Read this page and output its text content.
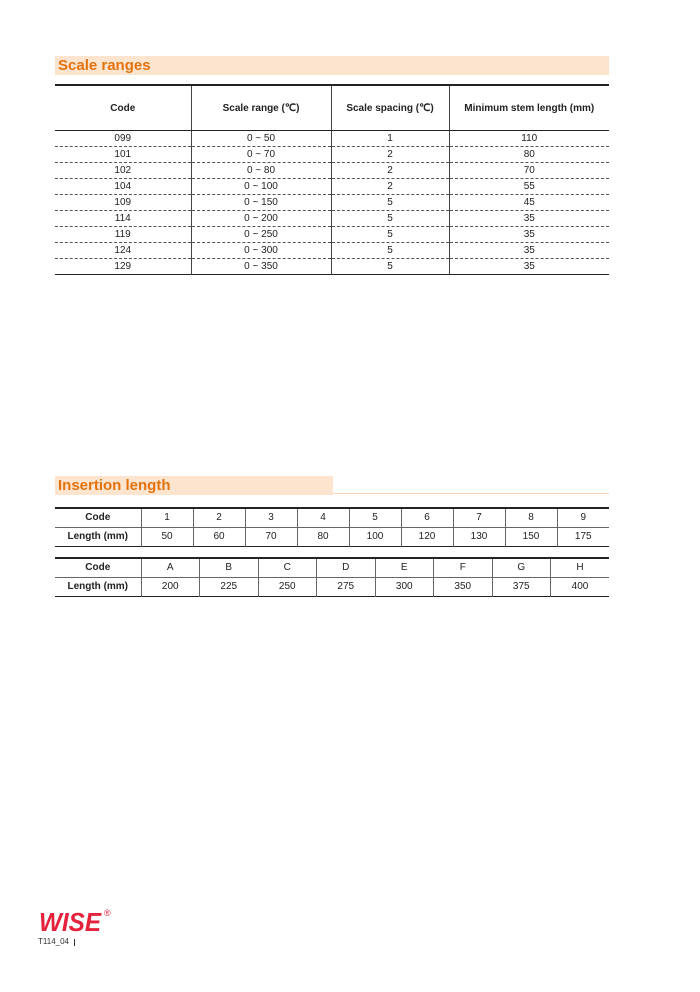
Scale ranges
Code	Scale range (℃)	Scale spacing (℃)	Minimum stem length (mm)
099	0 ~ 50	1	110
101	0 ~ 70	2	80
102	0 ~ 80	2	70
104	0 ~ 100	2	55
109	0 ~ 150	5	45
114	0 ~ 200	5	35
119	0 ~ 250	5	35
124	0 ~ 300	5	35
129	0 ~ 350	5	35
Insertion length
Code	1	2	3	4	5	6	7	8	9
Length (mm)	50	60	70	80	100	120	130	150	175
Code	A	B	C	D	E	F	G	H
Length (mm)	200	225	250	275	300	350	375	400
WISE ®
T114_04
